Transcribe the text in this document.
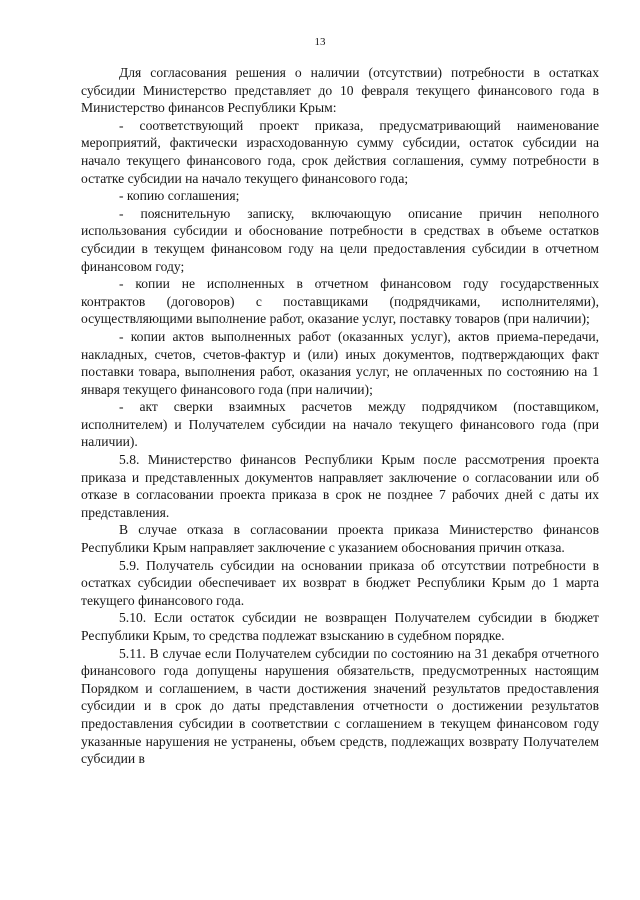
13

Для согласования решения о наличии (отсутствии) потребности в остатках субсидии Министерство представляет до 10 февраля текущего финансового года в Министерство финансов Республики Крым:

- соответствующий проект приказа, предусматривающий наименование мероприятий, фактически израсходованную сумму субсидии, остаток субсидии на начало текущего финансового года, срок действия соглашения, сумму потребности в остатке субсидии на начало текущего финансового года;

- копию соглашения;

- пояснительную записку, включающую описание причин неполного использования субсидии и обоснование потребности в средствах в объеме остатков субсидии в текущем финансовом году на цели предоставления субсидии в отчетном финансовом году;

- копии не исполненных в отчетном финансовом году государственных контрактов (договоров) с поставщиками (подрядчиками, исполнителями), осуществляющими выполнение работ, оказание услуг, поставку товаров (при наличии);

- копии актов выполненных работ (оказанных услуг), актов приема-передачи, накладных, счетов, счетов-фактур и (или) иных документов, подтверждающих факт поставки товара, выполнения работ, оказания услуг, не оплаченных по состоянию на 1 января текущего финансового года (при наличии);

- акт сверки взаимных расчетов между подрядчиком (поставщиком, исполнителем) и Получателем субсидии на начало текущего финансового года (при наличии).

5.8. Министерство финансов Республики Крым после рассмотрения проекта приказа и представленных документов направляет заключение о согласовании или об отказе в согласовании проекта приказа в срок не позднее 7 рабочих дней с даты их представления.

В случае отказа в согласовании проекта приказа Министерство финансов Республики Крым направляет заключение с указанием обоснования причин отказа.

5.9. Получатель субсидии на основании приказа об отсутствии потребности в остатках субсидии обеспечивает их возврат в бюджет Республики Крым до 1 марта текущего финансового года.

5.10. Если остаток субсидии не возвращен Получателем субсидии в бюджет Республики Крым, то средства подлежат взысканию в судебном порядке.

5.11. В случае если Получателем субсидии по состоянию на 31 декабря отчетного финансового года допущены нарушения обязательств, предусмотренных настоящим Порядком и соглашением, в части достижения значений результатов предоставления субсидии и в срок до даты представления отчетности о достижении результатов предоставления субсидии в соответствии с соглашением в текущем финансовом году указанные нарушения не устранены, объем средств, подлежащих возврату Получателем субсидии в
